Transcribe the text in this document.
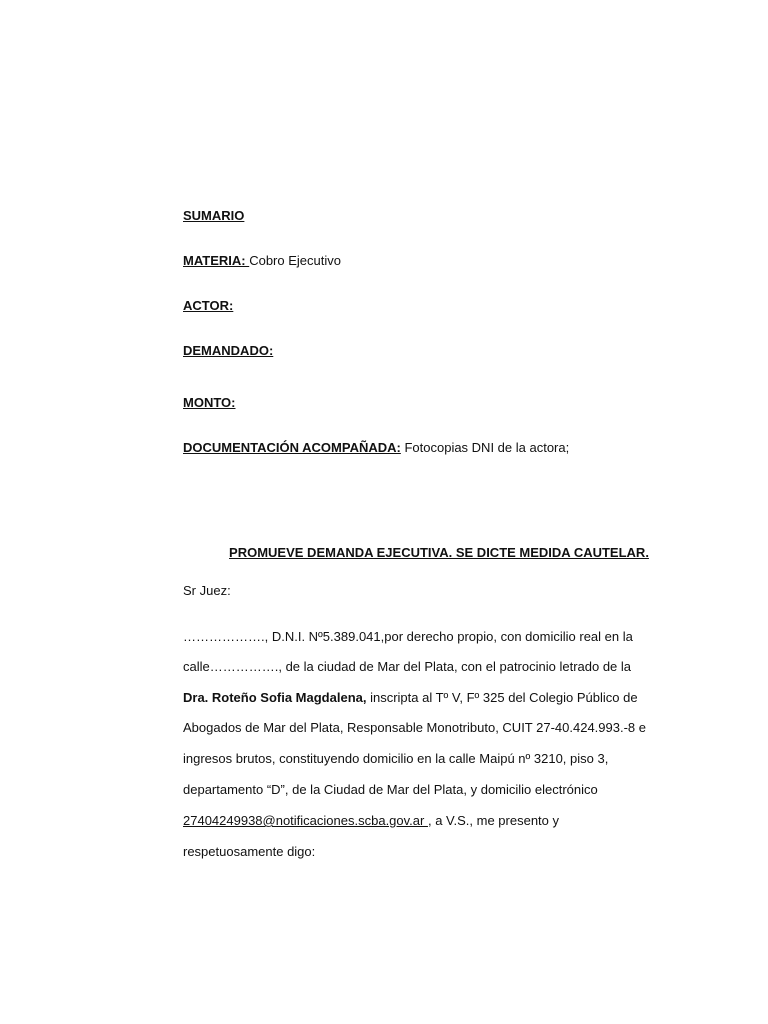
SUMARIO
MATERIA: Cobro Ejecutivo
ACTOR:
DEMANDADO:
MONTO:
DOCUMENTACIÓN ACOMPAÑADA: Fotocopias DNI de la actora;
PROMUEVE DEMANDA EJECUTIVA. SE DICTE MEDIDA CAUTELAR.
Sr Juez:
………………., D.N.I. Nº5.389.041,por derecho propio, con domicilio real en la
calle……………., de la ciudad de Mar del Plata, con el patrocinio letrado de la
Dra. Roteño Sofia Magdalena, inscripta al Tº V, Fº 325 del Colegio Público de
Abogados de Mar del Plata, Responsable Monotributo, CUIT 27-40.424.993.-8 e
ingresos brutos, constituyendo domicilio en la calle Maipú nº 3210, piso 3,
departamento “D”, de la Ciudad de Mar del Plata, y domicilio electrónico
27404249938@notificaciones.scba.gov.ar , a V.S., me presento y
respetuosamente digo:
